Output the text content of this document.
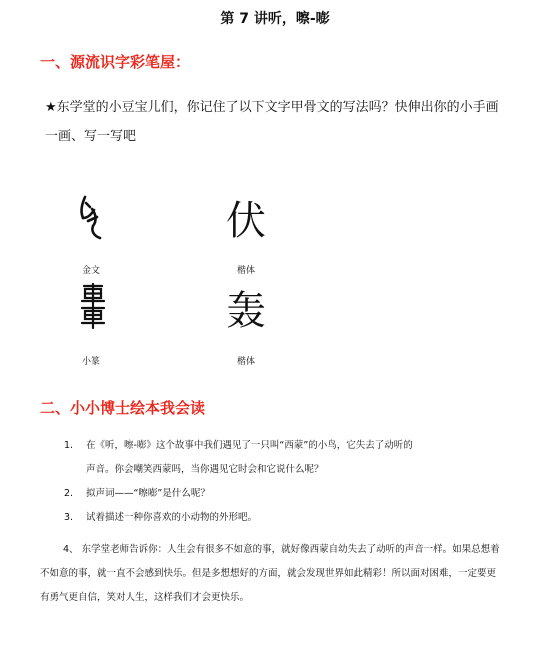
第 7 讲听，嚓-嘭
一、源流识字彩笔屋：
★东学堂的小豆宝儿们，你记住了以下文字甲骨文的写法吗？快伸出你的小手画一画、写一写吧
伏
金文	楷体
轰
小篆	楷体
二、小小博士绘本我会读
1. 在《听，嚓-嘭》这个故事中我们遇见了一只叫“西蒙”的小鸟，它失去了动听的
声音。你会嘲笑西蒙吗，当你遇见它时会和它说什么呢？
2. 拟声词——“嚓嘭”是什么呢？
3. 试着描述一种你喜欢的小动物的外形吧。
4、 东学堂老师告诉你：人生会有很多不如意的事，就好像西蒙自幼失去了动听的声音一样。如果总想着不如意的事，就一直不会感到快乐。但是多想想好的方面，就会发现世界如此精彩！所以面对困难，一定要更有勇气更自信，笑对人生，这样我们才会更快乐。
